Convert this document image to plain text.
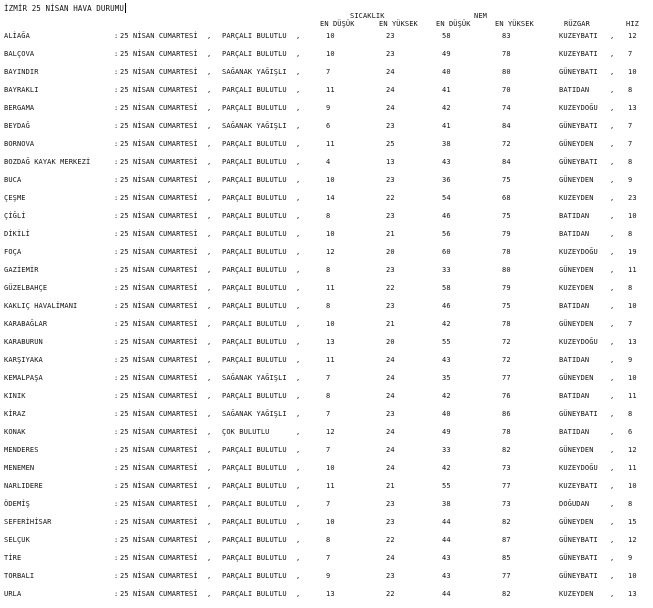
İZMİR 25 NİSAN HAVA DURUMU
SICAKLIK
EN DÜŞÜK	EN YÜKSEK
NEM
EN DÜŞÜK	EN YÜKSEK	RÜZGAR	HIZ
ALİAĞA	: 25 NİSAN CUMARTESİ , PARÇALI BULUTLU ,	10	23	58	83	KUZEYBATI , 12
BALÇOVA	: 25 NİSAN CUMARTESİ , PARÇALI BULUTLU ,	10	23	49	78	KUZEYBATI , 7
BAYINDIR	: 25 NİSAN CUMARTESİ , SAĞANAK YAĞIŞLI ,	7	24	40	80	GÜNEYBATI , 10
BAYRAKLI	: 25 NİSAN CUMARTESİ , PARÇALI BULUTLU ,	11	24	41	70	BATIDAN	, 8
BERGAMA	: 25 NİSAN CUMARTESİ , PARÇALI BULUTLU ,	9	24	42	74	KUZEYDOĞU , 13
BEYDAĞ	: 25 NİSAN CUMARTESİ , SAĞANAK YAĞIŞLI ,	6	23	41	84	GÜNEYBATI , 7
BORNOVA	: 25 NİSAN CUMARTESİ , PARÇALI BULUTLU ,	11	25	38	72	GÜNEYDEN , 7
BOZDAĞ KAYAK MERKEZİ	: 25 NİSAN CUMARTESİ , PARÇALI BULUTLU ,	4	13	43	84	GÜNEYBATI , 8
BUCA	: 25 NİSAN CUMARTESİ , PARÇALI BULUTLU ,	10	23	36	75	GÜNEYDEN , 9
ÇEŞME	: 25 NİSAN CUMARTESİ , PARÇALI BULUTLU ,	14	22	54	68	KUZEYDEN , 23
ÇİĞLİ	: 25 NİSAN CUMARTESİ , PARÇALI BULUTLU ,	8	23	46	75	BATIDAN	, 10
DİKİLİ	: 25 NİSAN CUMARTESİ , PARÇALI BULUTLU ,	10	21	56	79	BATIDAN	, 8
FOÇA	: 25 NİSAN CUMARTESİ , PARÇALI BULUTLU ,	12	20	60	78	KUZEYDOĞU , 19
GAZİEMİR	: 25 NİSAN CUMARTESİ , PARÇALI BULUTLU ,	8	23	33	80	GÜNEYDEN , 11
GÜZELBAHÇE	: 25 NİSAN CUMARTESİ , PARÇALI BULUTLU ,	11	22	58	79	KUZEYDEN , 8
KAKLIÇ HAVALİMANI	: 25 NİSAN CUMARTESİ , PARÇALI BULUTLU ,	8	23	46	75	BATIDAN	, 10
KARABAĞLAR	: 25 NİSAN CUMARTESİ , PARÇALI BULUTLU ,	10	21	42	78	GÜNEYDEN , 7
KARABURUN	: 25 NİSAN CUMARTESİ , PARÇALI BULUTLU ,	13	20	55	72	KUZEYDOĞU , 13
KARŞIYAKA	: 25 NİSAN CUMARTESİ , PARÇALI BULUTLU ,	11	24	43	72	BATIDAN	, 9
KEMALPAŞA	: 25 NİSAN CUMARTESİ , SAĞANAK YAĞIŞLI ,	7	24	35	77	GÜNEYDEN , 10
KINIK	: 25 NİSAN CUMARTESİ , PARÇALI BULUTLU ,	8	24	42	76	BATIDAN	, 11
KİRAZ	: 25 NİSAN CUMARTESİ , SAĞANAK YAĞIŞLI ,	7	23	40	86	GÜNEYBATI , 8
KONAK	: 25 NİSAN CUMARTESİ , ÇOK BULUTLU	,	12	24	49	78	BATIDAN	, 6
MENDERES	: 25 NİSAN CUMARTESİ , PARÇALI BULUTLU ,	7	24	33	82	GÜNEYDEN , 12
MENEMEN	: 25 NİSAN CUMARTESİ , PARÇALI BULUTLU ,	10	24	42	73	KUZEYDOĞU , 11
NARLIDERE	: 25 NİSAN CUMARTESİ , PARÇALI BULUTLU ,	11	21	55	77	KUZEYBATI , 10
ÖDEMİŞ	: 25 NİSAN CUMARTESİ , PARÇALI BULUTLU ,	7	23	38	73	DOĞUDAN	, 8
SEFERİHİSAR	: 25 NİSAN CUMARTESİ , PARÇALI BULUTLU ,	10	23	44	82	GÜNEYDEN , 15
SELÇUK	: 25 NİSAN CUMARTESİ , PARÇALI BULUTLU ,	8	22	44	87	GÜNEYBATI , 12
TİRE	: 25 NİSAN CUMARTESİ , PARÇALI BULUTLU ,	7	24	43	85	GÜNEYBATI , 9
TORBALI	: 25 NİSAN CUMARTESİ , PARÇALI BULUTLU ,	9	23	43	77	GÜNEYBATI , 10
URLA	: 25 NİSAN CUMARTESİ , PARÇALI BULUTLU ,	13	22	44	82	KUZEYDEN , 13
